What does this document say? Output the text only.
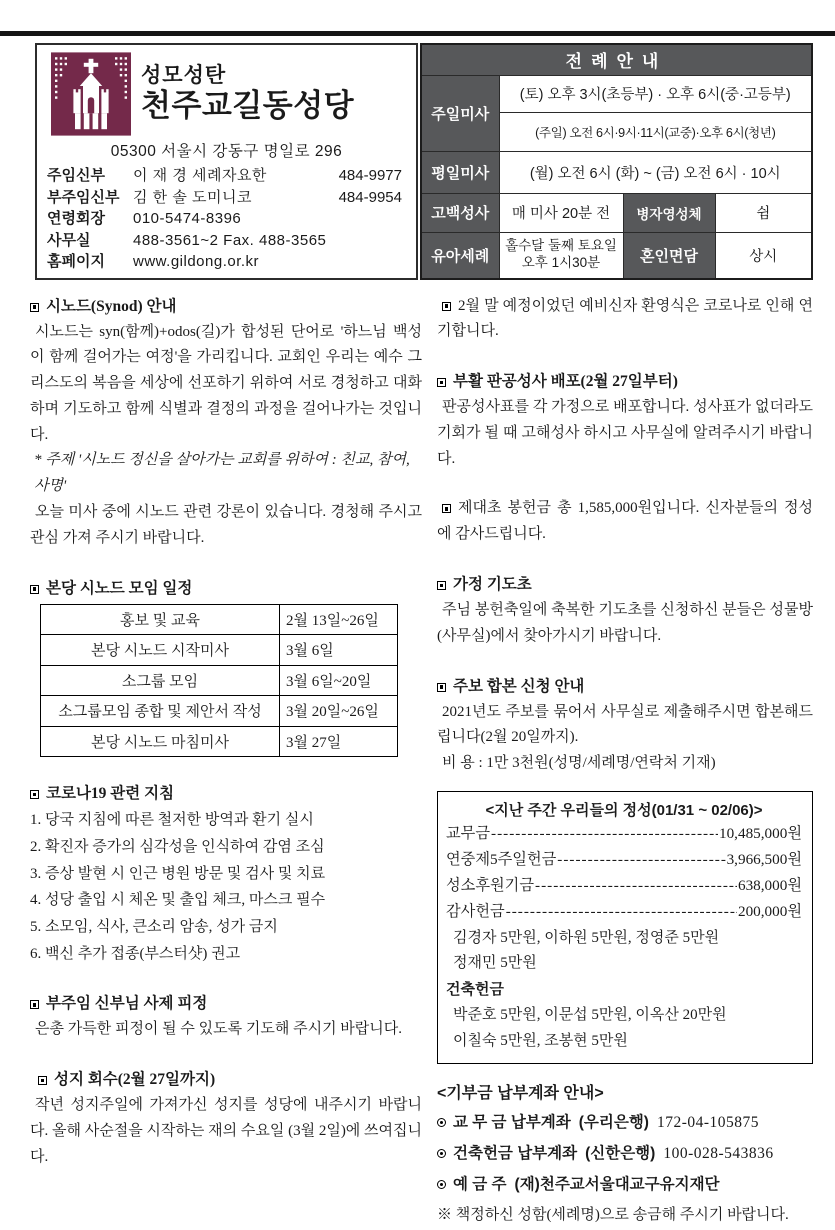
성모성탄
천주교길동성당
05300 서울시 강동구 명일로 296
주임신부	이 재 경 세례자요한	484-9977
부주임신부 김 한 솔 도미니코	484-9954
연령회장	010-5474-8396
사무실	488-3561~2 Fax. 488-3565
홈페이지	www.gildong.or.kr
전례안내			
주일미사	(토) 오후 3시(초등부) · 오후 6시(중·고등부)		
	(주일) 오전 6시·9시·11시(교중)·오후 6시(청년)		
평일미사	(월) 오전 6시 (화) ~ (금) 오전 6시 · 10시		
고백성사	매 미사 20분 전	병자영성체	쉼
유아세례	홀수달 둘째 토요일 오후 1시30분	혼인면담	상시
시노드(Synod) 안내

시노드는 syn(함께)+odos(길)가 합성된 단어로 '하느님 백성이 함께 걸어가는 여정'을 가리킵니다. 교회인 우리는 예수 그리스도의 복음을 세상에 선포하기 위하여 서로 경청하고 대화하며 기도하고 함께 식별과 결정의 과정을 걸어나가는 것입니다.

* 주제 '시노드 정신을 살아가는 교회를 위하여 : 친교, 참여, 사명'

오늘 미사 중에 시노드 관련 강론이 있습니다. 경청해 주시고 관심 가져 주시기 바랍니다.

본당 시노드 모임 일정
홍보 및 교육	2월 13일~26일
본당 시노드 시작미사	3월 6일
소그룹 모임	3월 6일~20일
소그룹모임 종합 및 제안서 작성	3월 20일~26일
본당 시노드 마침미사	3월 27일
코로나19 관련 지침
1. 당국 지침에 따른 철저한 방역과 환기 실시
2. 확진자 증가의 심각성을 인식하여 감염 조심
3. 증상 발현 시 인근 병원 방문 및 검사 및 치료
4. 성당 출입 시 체온 및 출입 체크, 마스크 필수
5. 소모임, 식사, 큰소리 암송, 성가 금지
6. 백신 추가 접종(부스터샷) 권고
부주임 신부님 사제 피정

은총 가득한 피정이 될 수 있도록 기도해 주시기 바랍니다.

성지 회수(2월 27일까지)

작년 성지주일에 가져가신 성지를 성당에 내주시기 바랍니다. 올해 사순절을 시작하는 재의 수요일 (3월 2일)에 쓰여집니다.

2월 말 예정이었던 예비신자 환영식은 코로나로 인해 연기합니다.

부활 판공성사 배포(2월 27일부터)

판공성사표를 각 가정으로 배포합니다. 성사표가 없더라도 기회가 될 때 고해성사 하시고 사무실에 알려주시기 바랍니다.

제대초 봉헌금 총 1,585,000원입니다. 신자분들의 정성에 감사드립니다.

가정 기도초

주님 봉헌축일에 축복한 기도초를 신청하신 분들은 성물방(사무실)에서 찾아가시기 바랍니다.

주보 합본 신청 안내

2021년도 주보를 묶어서 사무실로 제출해주시면 합본해드립니다(2월 20일까지).

비 용 : 1만 3천원(성명/세례명/연락처 기재)

<지난 주간 우리들의 정성(01/31 ~ 02/06)>
교무금 -----	10,485,000원
연중제5주일헌금 -----	3,966,500원
성소후원기금 -----	638,000원
감사헌금 -----	200,000원
김경자 5만원, 이하원 5만원, 정영준 5만원
정재민 5만원
건축헌금
박준호 5만원, 이문섭 5만원, 이옥산 20만원
이칠숙 5만원, 조봉현 5만원
<기부금 납부계좌 안내>
교 무 금 납부계좌 (우리은행) 172-04-105875
건축헌금 납부계좌 (신한은행) 100-028-543836
예 금 주 (재)천주교서울대교구유지재단
※ 책정하신 성함(세례명)으로 송금해 주시기 바랍니다.
